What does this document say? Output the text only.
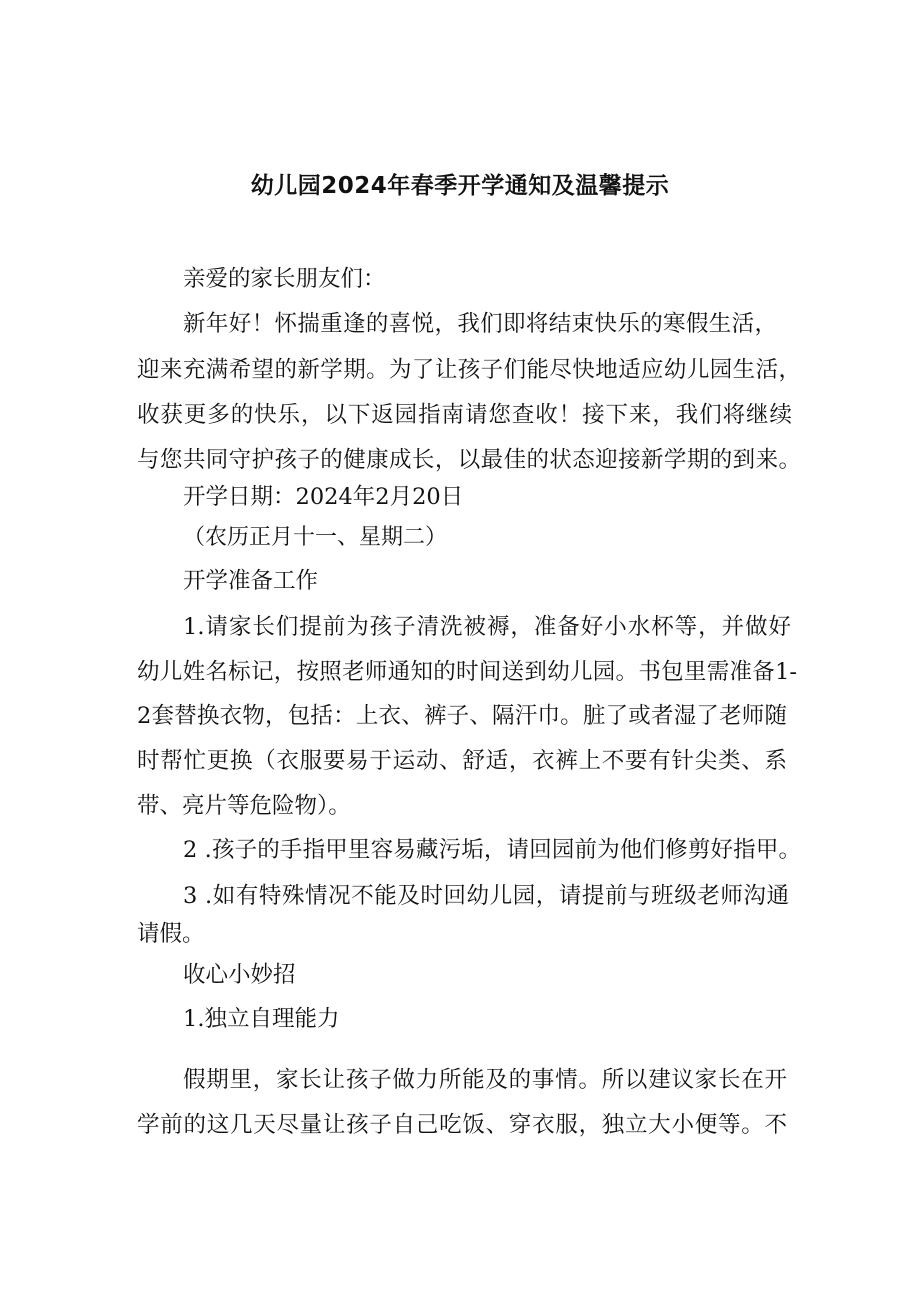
幼儿园2024年春季开学通知及温馨提示
亲爱的家长朋友们：
新年好！怀揣重逢的喜悦，我们即将结束快乐的寒假生活，
迎来充满希望的新学期。为了让孩子们能尽快地适应幼儿园生活，
收获更多的快乐，以下返园指南请您查收！接下来，我们将继续
与您共同守护孩子的健康成长，以最佳的状态迎接新学期的到来。
开学日期：2024年2月20日
（农历正月十一、星期二）
开学准备工作
1.请家长们提前为孩子清洗被褥，准备好小水杯等，并做好
幼儿姓名标记，按照老师通知的时间送到幼儿园。书包里需准备1-
2套替换衣物，包括：上衣、裤子、隔汗巾。脏了或者湿了老师随
时帮忙更换（衣服要易于运动、舒适，衣裤上不要有针尖类、系
带、亮片等危险物）。
2 .孩子的手指甲里容易藏污垢，请回园前为他们修剪好指甲。
3 .如有特殊情况不能及时回幼儿园，请提前与班级老师沟通
请假。
收心小妙招
1.独立自理能力
假期里，家长让孩子做力所能及的事情。所以建议家长在开
学前的这几天尽量让孩子自己吃饭、穿衣服，独立大小便等。不
